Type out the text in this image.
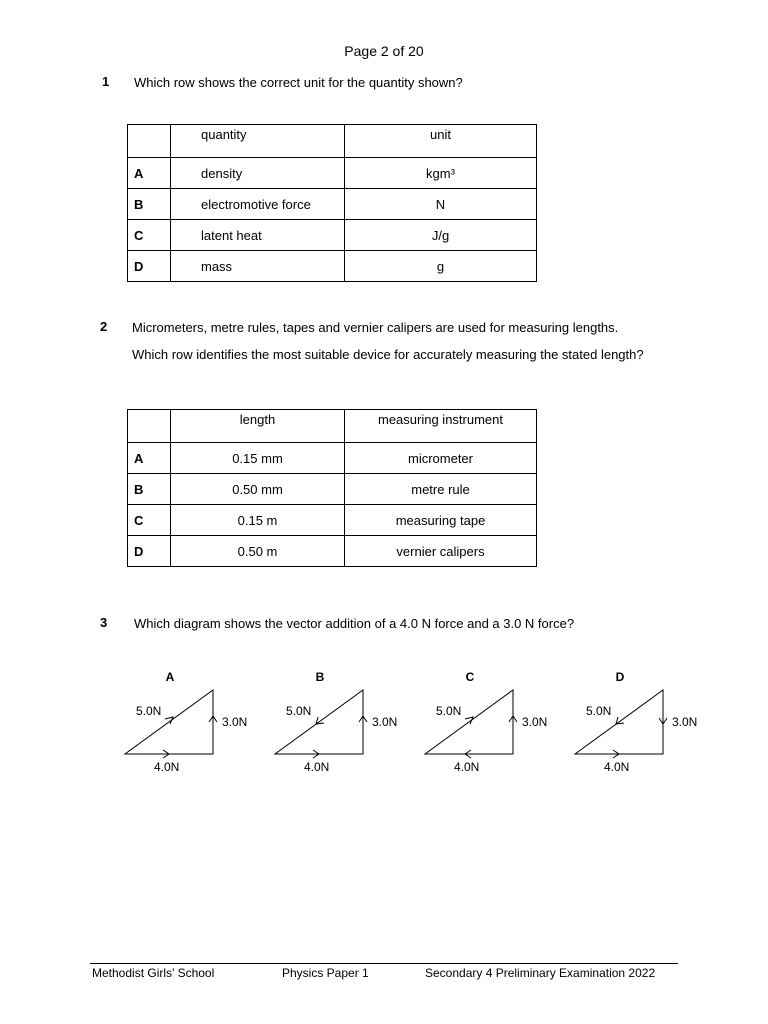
Page 2 of 20
1 Which row shows the correct unit for the quantity shown?
	quantity	unit
A	density	kgm³
B	electromotive force	N
C	latent heat	J/g
D	mass	g
2 Micrometers, metre rules, tapes and vernier calipers are used for measuring lengths.
Which row identifies the most suitable device for accurately measuring the stated length?
	length	measuring instrument
A	0.15 mm	micrometer
B	0.50 mm	metre rule
C	0.15 m	measuring tape
D	0.50 m	vernier calipers
3 Which diagram shows the vector addition of a 4.0 N force and a 3.0 N force?
A
5.0N
3.0N
4.0N
B
5.0N
3.0N
4.0N
C
5.0N
3.0N
4.0N
D
5.0N
3.0N
4.0N
Methodist Girls’ School	Physics Paper 1	Secondary 4 Preliminary Examination 2022
